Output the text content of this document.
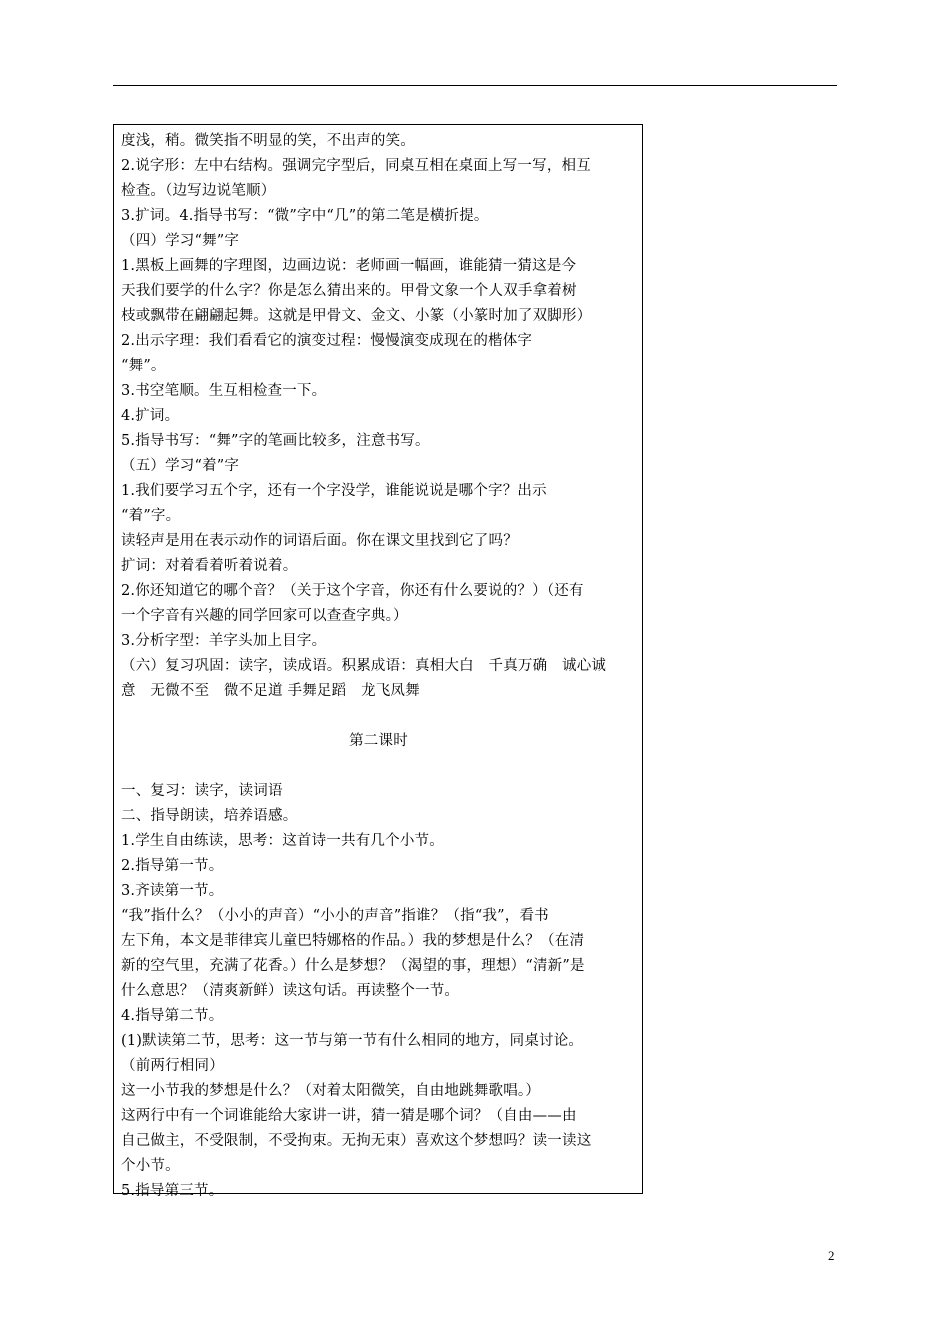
度浅，稍。微笑指不明显的笑，不出声的笑。
2.说字形：左中右结构。强调完字型后，同桌互相在桌面上写一写，相互
检查。（边写边说笔顺）
3.扩词。4.指导书写：“微”字中“几”的第二笔是横折提。
（四）学习“舞”字
1.黑板上画舞的字理图，边画边说：老师画一幅画，谁能猜一猜这是今
天我们要学的什么字？你是怎么猜出来的。甲骨文象一个人双手拿着树
枝或飘带在翩翩起舞。这就是甲骨文、金文、小篆（小篆时加了双脚形）
2.出示字理：我们看看它的演变过程：慢慢演变成现在的楷体字
“舞”。
3.书空笔顺。生互相检查一下。
4.扩词。
5.指导书写：“舞”字的笔画比较多，注意书写。
（五）学习“着”字
1.我们要学习五个字，还有一个字没学，谁能说说是哪个字？出示
“着”字。
读轻声是用在表示动作的词语后面。你在课文里找到它了吗？
扩词：对着看着听着说着。
2.你还知道它的哪个音？（关于这个字音，你还有什么要说的？）（还有
一个字音有兴趣的同学回家可以查查字典。）
3.分析字型：羊字头加上目字。
（六）复习巩固：读字，读成语。积累成语：真相大白　千真万确　诚心诚
意　无微不至　微不足道 手舞足蹈　龙飞凤舞
第二课时
一、复习：读字，读词语
二、指导朗读，培养语感。
1.学生自由练读，思考：这首诗一共有几个小节。
2.指导第一节。
3.齐读第一节。
“我”指什么？（小小的声音）“小小的声音”指谁？（指“我”，看书
左下角，本文是菲律宾儿童巴特娜格的作品。）我的梦想是什么？（在清
新的空气里，充满了花香。）什么是梦想？（渴望的事，理想）“清新”是
什么意思？（清爽新鲜）读这句话。再读整个一节。
4.指导第二节。
(1)默读第二节，思考：这一节与第一节有什么相同的地方，同桌讨论。
（前两行相同）
这一小节我的梦想是什么？（对着太阳微笑，自由地跳舞歌唱。）
这两行中有一个词谁能给大家讲一讲，猜一猜是哪个词？（自由——由
自己做主，不受限制，不受拘束。无拘无束）喜欢这个梦想吗？读一读这
个小节。
5.指导第三节。
2
